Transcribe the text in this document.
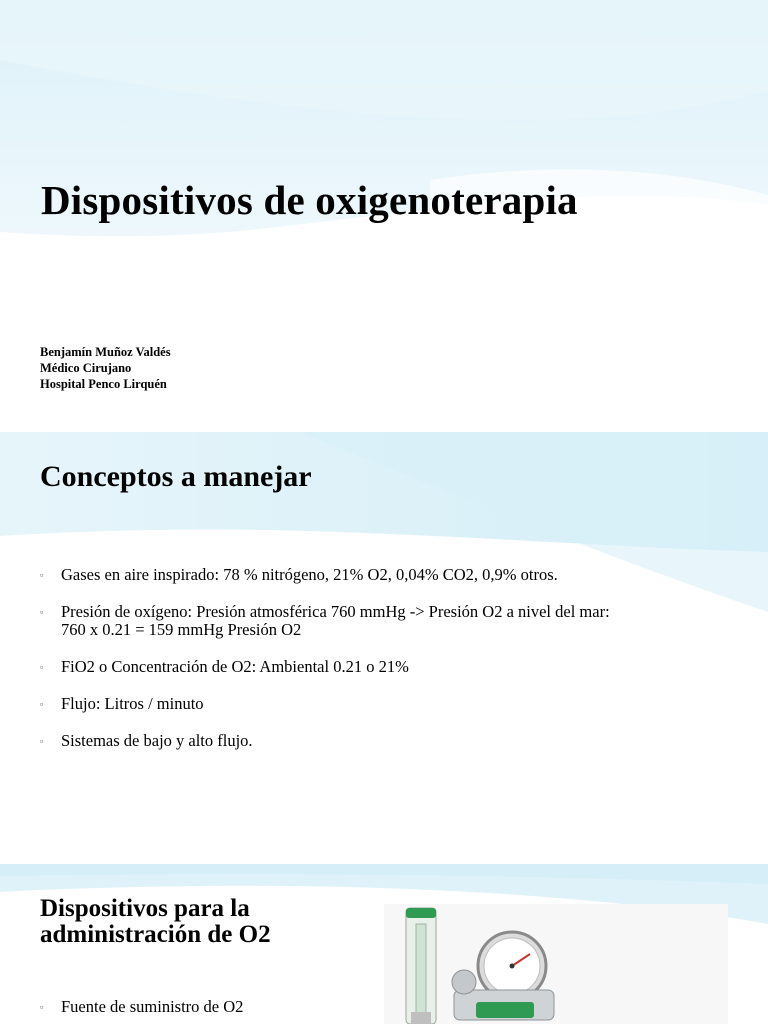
Dispositivos de oxigenoterapia
Benjamín Muñoz Valdés
Médico Cirujano
Hospital Penco Lirquén
Conceptos a manejar
▫ Gases en aire inspirado: 78 % nitrógeno, 21% O2, 0,04% CO2, 0,9% otros.
▫ Presión de oxígeno: Presión atmosférica 760 mmHg -> Presión O2 a nivel del mar:
760 x 0.21 = 159 mmHg Presión O2
▫ FiO2 o Concentración de O2: Ambiental 0.21 o 21%
▫ Flujo: Litros / minuto
▫ Sistemas de bajo y alto flujo.
Dispositivos para la
administración de O2
▫ Fuente de suministro de O2
